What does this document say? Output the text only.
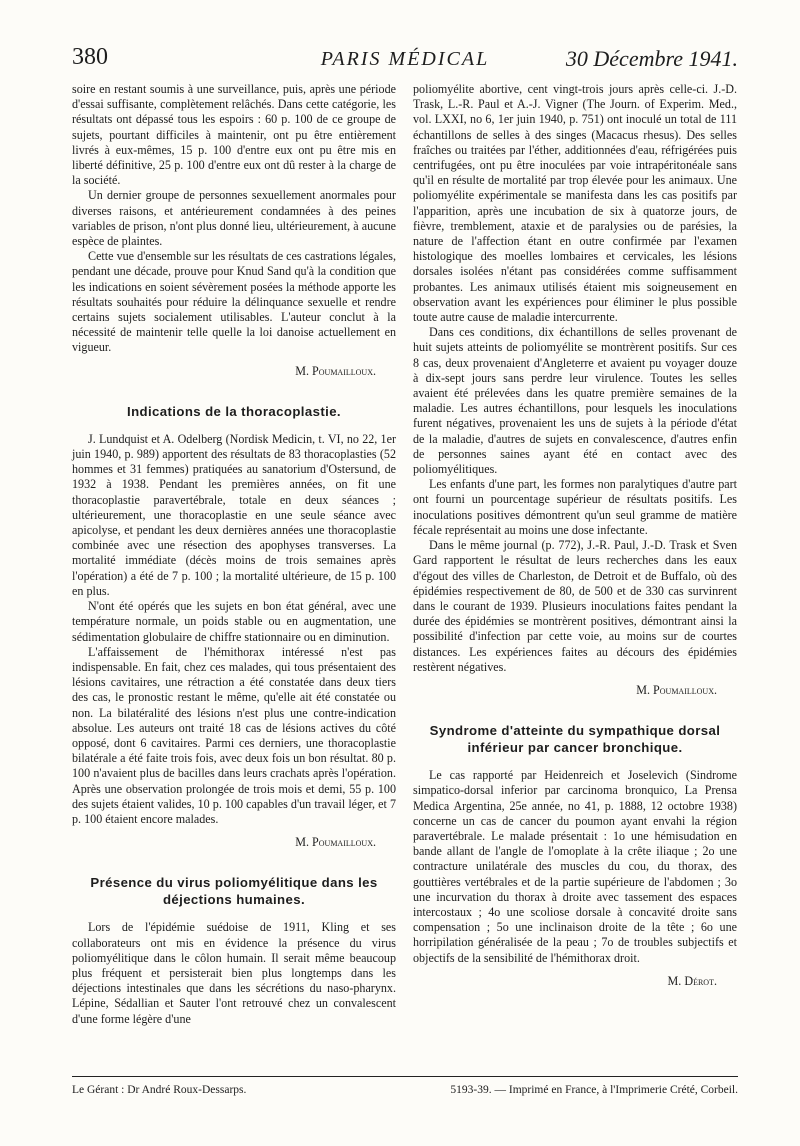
380	PARIS MÉDICAL	30 Décembre 1941.

soire en restant soumis à une surveillance, puis, après une période d'essai suffisante, complètement relâchés. Dans cette catégorie, les résultats ont dépassé tous les espoirs : 60 p. 100 de ce groupe de sujets, pourtant difficiles à maintenir, ont pu être entièrement livrés à eux-mêmes, 15 p. 100 d'entre eux ont pu être mis en liberté définitive, 25 p. 100 d'entre eux ont dû rester à la charge de la société.

Un dernier groupe de personnes sexuellement anormales pour diverses raisons, et antérieurement condamnées à des peines variables de prison, n'ont plus donné lieu, ultérieurement, à aucune espèce de plaintes.

Cette vue d'ensemble sur les résultats de ces castrations légales, pendant une décade, prouve pour Knud Sand qu'à la condition que les indications en soient sévèrement posées la méthode apporte les résultats souhaités pour réduire la délinquance sexuelle et rendre certains sujets socialement utilisables. L'auteur conclut à la nécessité de maintenir telle quelle la loi danoise actuellement en vigueur.

M. Poumailloux.
Indications de la thoracoplastie.

J. Lundquist et A. Odelberg (Nordisk Medicin, t. VI, no 22, 1er juin 1940, p. 989) apportent des résultats de 83 thoracoplasties (52 hommes et 31 femmes) pratiquées au sanatorium d'Ostersund, de 1932 à 1938. Pendant les premières années, on fit une thoracoplastie paravertébrale, totale en deux séances ; ultérieurement, une thoracoplastie en une seule séance avec apicolyse, et pendant les deux dernières années une thoracoplastie combinée avec une résection des apophyses transverses. La mortalité immédiate (décès moins de trois semaines après l'opération) a été de 7 p. 100 ; la mortalité ultérieure, de 15 p. 100 en plus.

N'ont été opérés que les sujets en bon état général, avec une température normale, un poids stable ou en augmentation, une sédimentation globulaire de chiffre stationnaire ou en diminution.

L'affaissement de l'hémithorax intéressé n'est pas indispensable. En fait, chez ces malades, qui tous présentaient des lésions cavitaires, une rétraction a été constatée dans deux tiers des cas, le pronostic restant le même, qu'elle ait été constatée ou non. La bilatéralité des lésions n'est plus une contre-indication absolue. Les auteurs ont traité 18 cas de lésions actives du côté opposé, dont 6 cavitaires. Parmi ces derniers, une thoracoplastie bilatérale a été faite trois fois, avec deux fois un bon résultat. 80 p. 100 n'avaient plus de bacilles dans leurs crachats après l'opération. Après une observation prolongée de trois mois et demi, 55 p. 100 des sujets étaient valides, 10 p. 100 capables d'un travail léger, et 7 p. 100 étaient encore malades.

M. Poumailloux.
Présence du virus poliomyélitique dans les déjections humaines.

Lors de l'épidémie suédoise de 1911, Kling et ses collaborateurs ont mis en évidence la présence du virus poliomyélitique dans le côlon humain. Il serait même beaucoup plus fréquent et persisterait bien plus longtemps dans les déjections intestinales que dans les sécrétions du naso-pharynx. Lépine, Sédallian et Sauter l'ont retrouvé chez un convalescent d'une forme légère d'une

poliomyélite abortive, cent vingt-trois jours après celle-ci. J.-D. Trask, L.-R. Paul et A.-J. Vigner (The Journ. of Experim. Med., vol. LXXI, no 6, 1er juin 1940, p. 751) ont inoculé un total de 111 échantillons de selles à des singes (Macacus rhesus). Des selles fraîches ou traitées par l'éther, additionnées d'eau, réfrigérées puis centrifugées, ont pu être inoculées par voie intrapéritonéale sans qu'il en résulte de mortalité par trop élevée pour les animaux. Une poliomyélite expérimentale se manifesta dans les cas positifs par l'apparition, après une incubation de six à quatorze jours, de fièvre, tremblement, ataxie et de paralysies ou de parésies, la nature de l'affection étant en outre confirmée par l'examen histologique des moelles lombaires et cervicales, les lésions dorsales isolées n'étant pas considérées comme suffisamment probantes. Les animaux utilisés étaient mis soigneusement en observation avant les expériences pour éliminer le plus possible toute autre cause de maladie intercurrente.

Dans ces conditions, dix échantillons de selles provenant de huit sujets atteints de poliomyélite se montrèrent positifs. Sur ces 8 cas, deux provenaient d'Angleterre et avaient pu voyager douze à dix-sept jours sans perdre leur virulence. Toutes les selles avaient été prélevées dans les quatre première semaines de la maladie. Les autres échantillons, pour lesquels les inoculations furent négatives, provenaient les uns de sujets à la période d'état de la maladie, d'autres de sujets en convalescence, d'autres enfin de personnes saines ayant été en contact avec des poliomyélitiques.

Les enfants d'une part, les formes non paralytiques d'autre part ont fourni un pourcentage supérieur de résultats positifs. Les inoculations positives démontrent qu'un seul gramme de matière fécale représentait au moins une dose infectante.

Dans le même journal (p. 772), J.-R. Paul, J.-D. Trask et Sven Gard rapportent le résultat de leurs recherches dans les eaux d'égout des villes de Charleston, de Detroit et de Buffalo, où des épidémies respectivement de 80, de 500 et de 330 cas survinrent dans le courant de 1939. Plusieurs inoculations faites pendant la durée des épidémies se montrèrent positives, démontrant ainsi la possibilité d'infection par cette voie, au moins sur de courtes distances. Les expériences faites au décours des épidémies restèrent négatives.

M. Poumailloux.
Syndrome d'atteinte du sympathique dorsal inférieur par cancer bronchique.

Le cas rapporté par Heidenreich et Joselevich (Sindrome simpatico-dorsal inferior par carcinoma bronquico, La Prensa Medica Argentina, 25e année, no 41, p. 1888, 12 octobre 1938) concerne un cas de cancer du poumon ayant envahi la région paravertébrale. Le malade présentait : 1o une hémisudation en bande allant de l'angle de l'omoplate à la crête iliaque ; 2o une contracture unilatérale des muscles du cou, du thorax, des gouttières vertébrales et de la partie supérieure de l'abdomen ; 3o une incurvation du thorax à droite avec tassement des espaces intercostaux ; 4o une scoliose dorsale à concavité droite sans compensation ; 5o une inclinaison droite de la tête ; 6o une horripilation généralisée de la peau ; 7o de troubles subjectifs et objectifs de la sensibilité de l'hémithorax droit.

M. Dérot.
Le Gérant : Dr André Roux-Dessarps.	5193-39. — Imprimé en France, à l'Imprimerie Crété, Corbeil.
